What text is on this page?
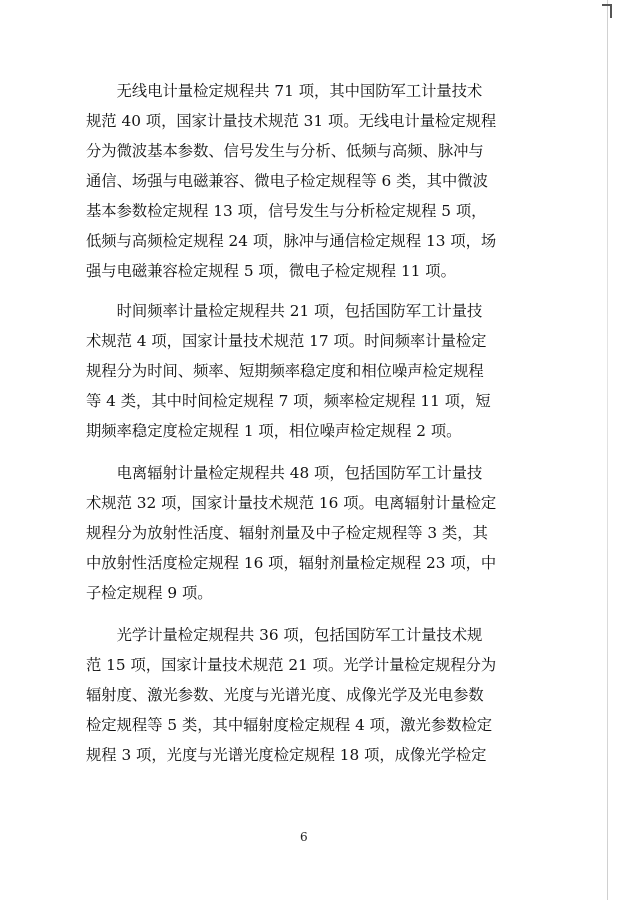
　　无线电计量检定规程共 71 项，其中国防军工计量技术

规范 40 项，国家计量技术规范 31 项。无线电计量检定规程

分为微波基本参数、信号发生与分析、低频与高频、脉冲与

通信、场强与电磁兼容、微电子检定规程等 6 类，其中微波

基本参数检定规程 13 项，信号发生与分析检定规程 5 项，

低频与高频检定规程 24 项，脉冲与通信检定规程 13 项，场

强与电磁兼容检定规程 5 项，微电子检定规程 11 项。

　　时间频率计量检定规程共 21 项，包括国防军工计量技

术规范 4 项，国家计量技术规范 17 项。时间频率计量检定

规程分为时间、频率、短期频率稳定度和相位噪声检定规程

等 4 类，其中时间检定规程 7 项，频率检定规程 11 项，短

期频率稳定度检定规程 1 项，相位噪声检定规程 2 项。

　　电离辐射计量检定规程共 48 项，包括国防军工计量技

术规范 32 项，国家计量技术规范 16 项。电离辐射计量检定

规程分为放射性活度、辐射剂量及中子检定规程等 3 类，其

中放射性活度检定规程 16 项，辐射剂量检定规程 23 项，中

子检定规程 9 项。

　　光学计量检定规程共 36 项，包括国防军工计量技术规

范 15 项，国家计量技术规范 21 项。光学计量检定规程分为

辐射度、激光参数、光度与光谱光度、成像光学及光电参数

检定规程等 5 类，其中辐射度检定规程 4 项，激光参数检定

规程 3 项，光度与光谱光度检定规程 18 项，成像光学检定

6
